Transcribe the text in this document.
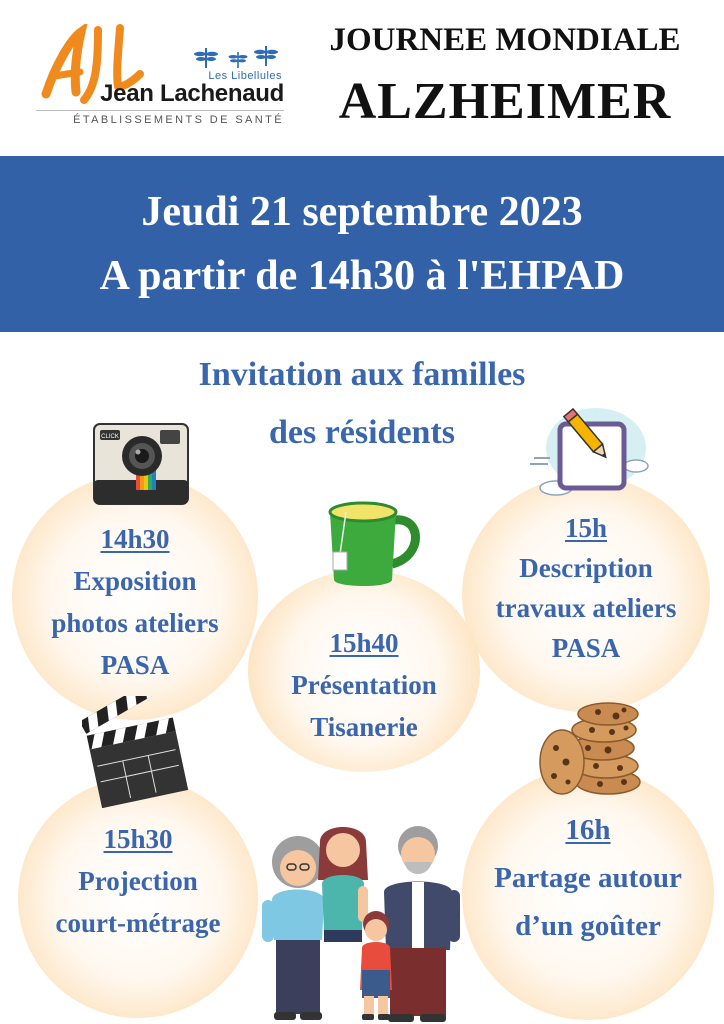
Les Libellules
Jean Lachenaud
ÉTABLISSEMENTS DE SANTÉ
JOURNEE MONDIALE
ALZHEIMER
Jeudi 21 septembre 2023
A partir de 14h30 à l'EHPAD
Invitation aux familles
des résidents
14h30
Exposition
photos ateliers
PASA
15h
Description
travaux ateliers
PASA
15h40
Présentation
Tisanerie
15h30
Projection
court-métrage
16h
Partage autour
d’un goûter
CLICK
